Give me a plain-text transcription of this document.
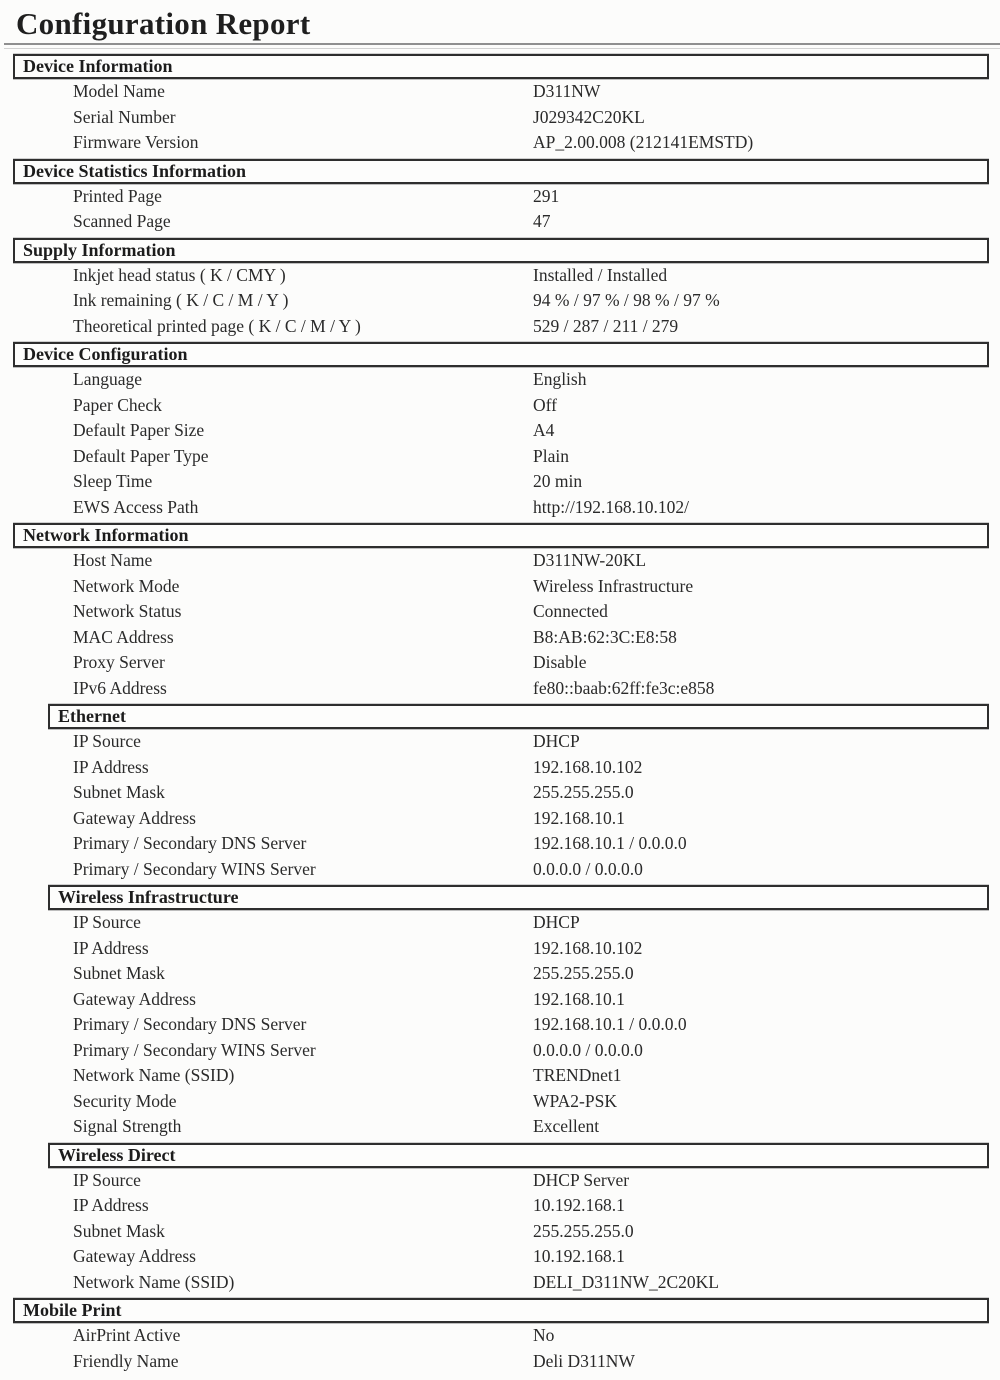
Configuration Report
Device Information
Model Name	D311NW
Serial Number	J029342C20KL
Firmware Version	AP_2.00.008 (212141EMSTD)
Device Statistics Information
Printed Page	291
Scanned Page	47
Supply Information
Inkjet head status ( K / CMY )	Installed / Installed
Ink remaining ( K / C / M / Y )	94 % / 97 % / 98 % / 97 %
Theoretical printed page ( K / C / M / Y )	529 / 287 / 211 / 279
Device Configuration
Language	English
Paper Check	Off
Default Paper Size	A4
Default Paper Type	Plain
Sleep Time	20 min
EWS Access Path	http://192.168.10.102/
Network Information
Host Name	D311NW-20KL
Network Mode	Wireless Infrastructure
Network Status	Connected
MAC Address	B8:AB:62:3C:E8:58
Proxy Server	Disable
IPv6 Address	fe80::baab:62ff:fe3c:e858
Ethernet
IP Source	DHCP
IP Address	192.168.10.102
Subnet Mask	255.255.255.0
Gateway Address	192.168.10.1
Primary / Secondary DNS Server	192.168.10.1 / 0.0.0.0
Primary / Secondary WINS Server	0.0.0.0 / 0.0.0.0
Wireless Infrastructure
IP Source	DHCP
IP Address	192.168.10.102
Subnet Mask	255.255.255.0
Gateway Address	192.168.10.1
Primary / Secondary DNS Server	192.168.10.1 / 0.0.0.0
Primary / Secondary WINS Server	0.0.0.0 / 0.0.0.0
Network Name (SSID)	TRENDnet1
Security Mode	WPA2-PSK
Signal Strength	Excellent
Wireless Direct
IP Source	DHCP Server
IP Address	10.192.168.1
Subnet Mask	255.255.255.0
Gateway Address	10.192.168.1
Network Name (SSID)	DELI_D311NW_2C20KL
Mobile Print
AirPrint Active	No
Friendly Name	Deli D311NW
